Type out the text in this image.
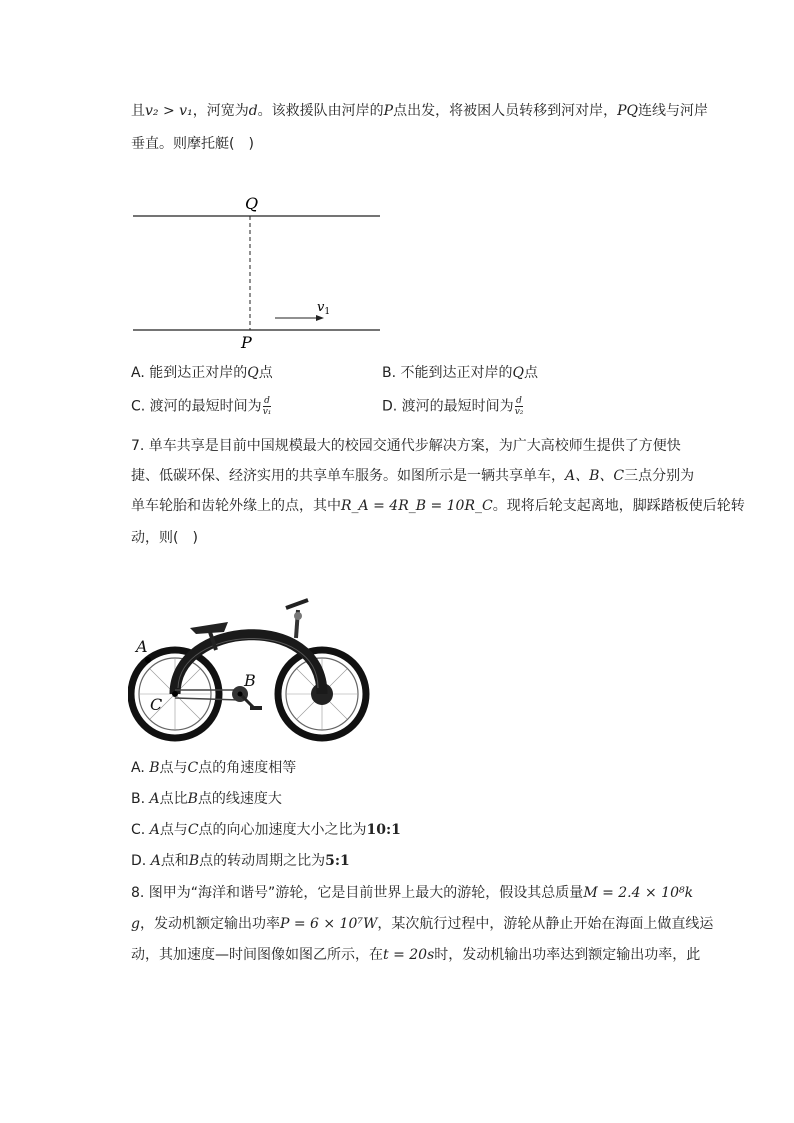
且v₂ > v₁，河宽为d。该救援队由河岸的P点出发，将被困人员转移到河对岸，PQ连线与河岸
垂直。则摩托艇(　)
Q
P
$v_1$
A. 能到达正对岸的Q点	B. 不能到达正对岸的Q点
C. 渡河的最短时间为 $\frac{d}{\text{v₁}}$	D. 渡河的最短时间为 $\frac{d}{\text{v₂}}$
7. 单车共享是目前中国规模最大的校园交通代步解决方案，为广大高校师生提供了方便快
捷、低碳环保、经济实用的共享单车服务。如图所示是一辆共享单车，A、B、C三点分别为
单车轮胎和齿轮外缘上的点，其中R_A = 4R_B = 10R_C。现将后轮支起离地，脚踩踏板使后轮转
动，则(　)
A
B
C
A. B点与C点的角速度相等
B. A点比B点的线速度大
C. A点与C点的向心加速度大小之比为10:1
D. A点和B点的转动周期之比为5:1
8. 图甲为“海洋和谐号”游轮，它是目前世界上最大的游轮，假设其总质量M = 2.4 × 10⁸k
g，发动机额定输出功率P = 6 × 10⁷W，某次航行过程中，游轮从静止开始在海面上做直线运
动，其加速度—时间图像如图乙所示，在t = 20s时，发动机输出功率达到额定输出功率，此
